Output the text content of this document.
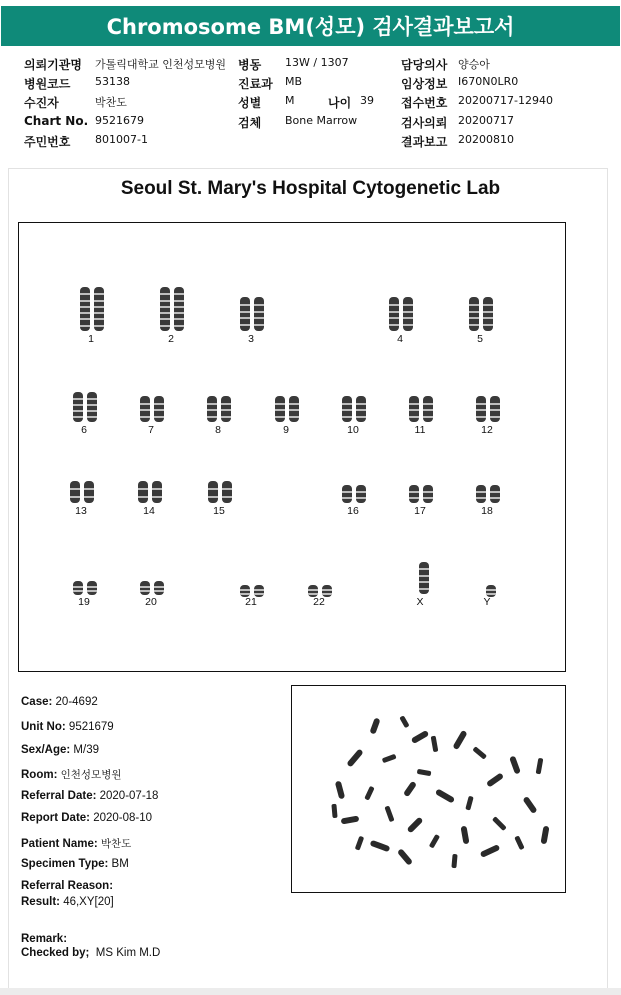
Chromosome BM(성모) 검사결과보고서
의뢰기관명 가톨릭대학교 인천성모병원 병동 13W / 1307	담당의사 양승아
병원코드 53138	진료과 MB	임상정보 I670N0LR0
수진자	박찬도	성별 M	나이 39 접수번호 20200717-12940
Chart No. 9521679	검체 Bone Marrow	검사의뢰 20200717
주민번호 801007-1	결과보고 20200810
Seoul St. Mary's Hospital Cytogenetic Lab
1	2	3	4	5
6	7	8	9	10	11	12
13	14	15	16	17	18
19	20	21	22	X	Y
Case: 20-4692
Unit No: 9521679
Sex/Age: M/39
Room: 인천성모병원
Referral Date: 2020-07-18
Report Date: 2020-08-10
Patient Name: 박찬도
Specimen Type: BM
Referral Reason:
Result: 46,XY[20]
Remark:
Checked by; MS Kim M.D
